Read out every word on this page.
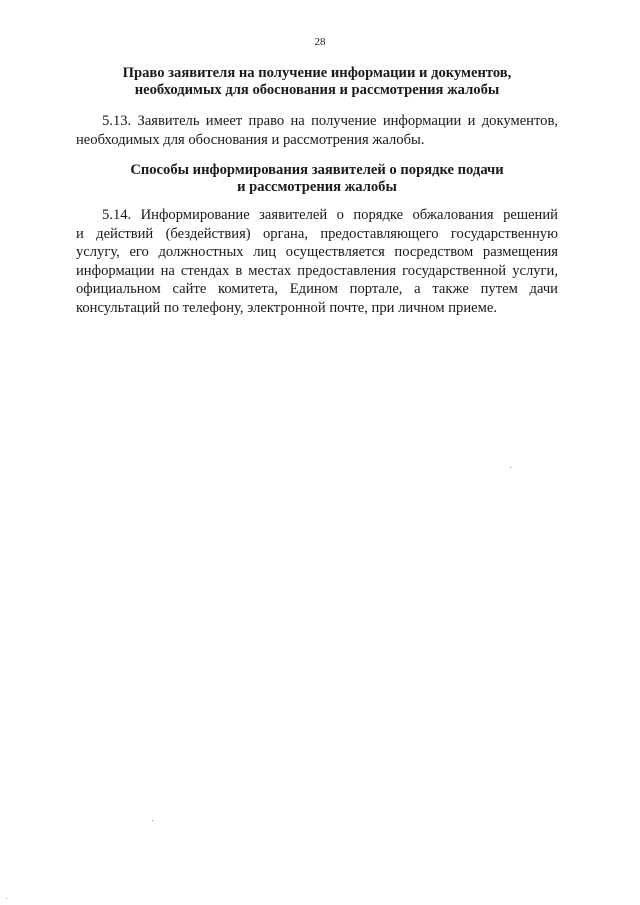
28
Право заявителя на получение информации и документов,
необходимых для обоснования и рассмотрения жалобы

5.13. Заявитель имеет право на получение информации и документов,
необходимых для обоснования и рассмотрения жалобы.

Способы информирования заявителей о порядке подачи
и рассмотрения жалобы

5.14. Информирование заявителей о порядке обжалования решений
и действий (бездействия) органа, предоставляющего государственную
услугу, его должностных лиц осуществляется посредством размещения
информации на стендах в местах предоставления государственной услуги,
официальном сайте комитета, Едином портале, а также путем дачи
консультаций по телефону, электронной почте, при личном приеме.
